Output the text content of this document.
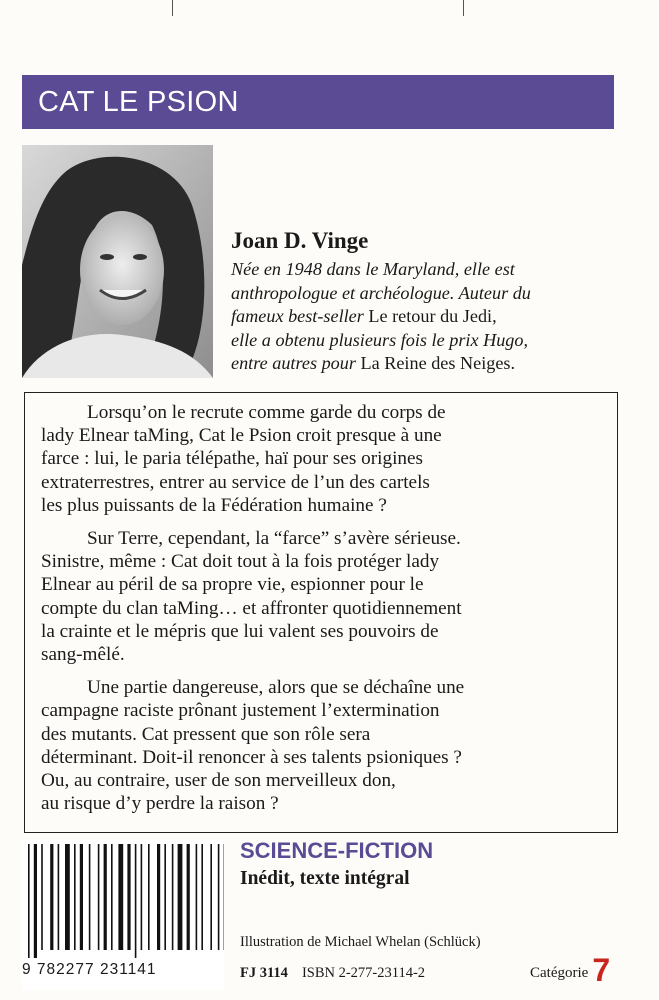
CAT LE PSION
Joan D. Vinge
Née en 1948 dans le Maryland, elle est
anthropologue et archéologue. Auteur du
fameux best-seller Le retour du Jedi,
elle a obtenu plusieurs fois le prix Hugo,
entre autres pour La Reine des Neiges.

Lorsqu’on le recrute comme garde du corps de
lady Elnear taMing, Cat le Psion croit presque à une
farce : lui, le paria télépathe, haï pour ses origines
extraterrestres, entrer au service de l’un des cartels
les plus puissants de la Fédération humaine ?

Sur Terre, cependant, la “farce” s’avère sérieuse.
Sinistre, même : Cat doit tout à la fois protéger lady
Elnear au péril de sa propre vie, espionner pour le
compte du clan taMing… et affronter quotidiennement
la crainte et le mépris que lui valent ses pouvoirs de
sang-mêlé.

Une partie dangereuse, alors que se déchaîne une
campagne raciste prônant justement l’extermination
des mutants. Cat pressent que son rôle sera
déterminant. Doit-il renoncer à ses talents psioniques ?
Ou, au contraire, user de son merveilleux don,
au risque d’y perdre la raison ?

9 782277 231141
SCIENCE-FICTION
Inédit, texte intégral
Illustration de Michael Whelan (Schlück)
FJ 3114 ISBN 2-277-23114-2	Catégorie 7
